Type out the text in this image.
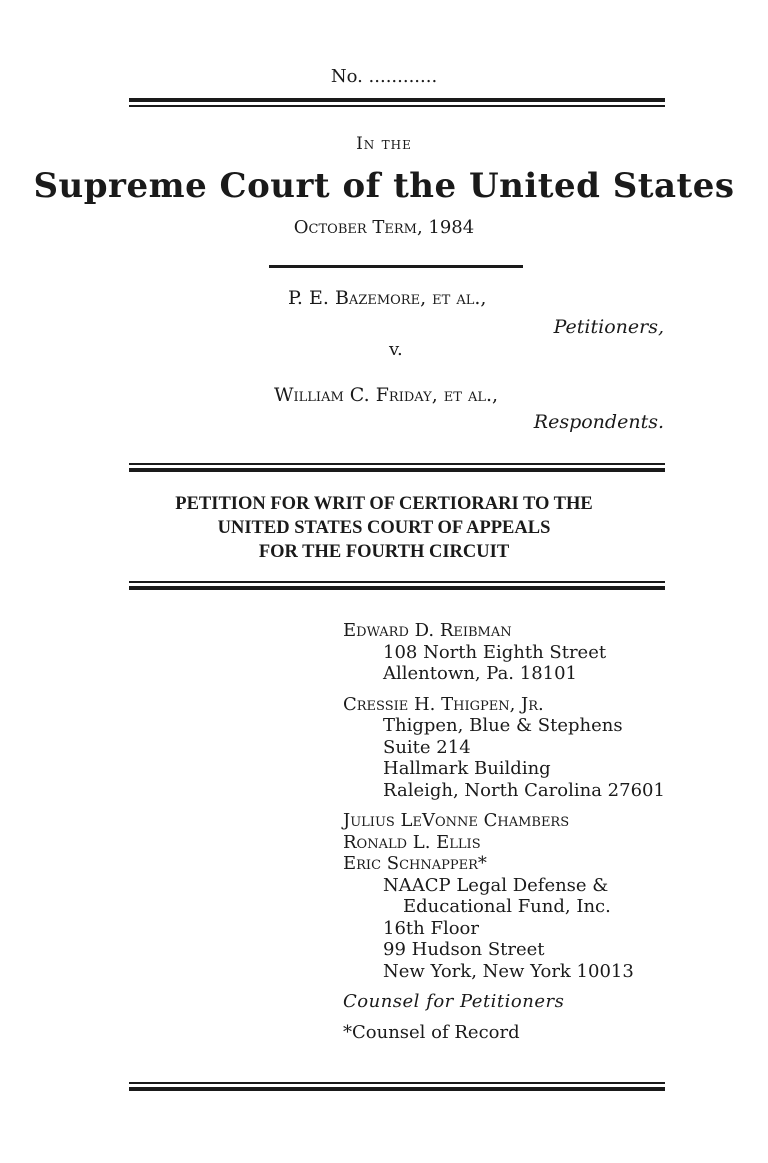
No. ............
In the
Supreme Court of the United States
October Term, 1984
P. E. Bazemore, et al.,
Petitioners,
v.
William C. Friday, et al.,
Respondents.
PETITION FOR WRIT OF CERTIORARI TO THE
UNITED STATES COURT OF APPEALS
FOR THE FOURTH CIRCUIT
Edward D. Reibman
108 North Eighth Street
Allentown, Pa. 18101
Cressie H. Thigpen, Jr.
Thigpen, Blue & Stephens
Suite 214
Hallmark Building
Raleigh, North Carolina 27601
Julius LeVonne Chambers
Ronald L. Ellis
Eric Schnapper*
NAACP Legal Defense &
Educational Fund, Inc.
16th Floor
99 Hudson Street
New York, New York 10013
Counsel for Petitioners
*Counsel of Record
